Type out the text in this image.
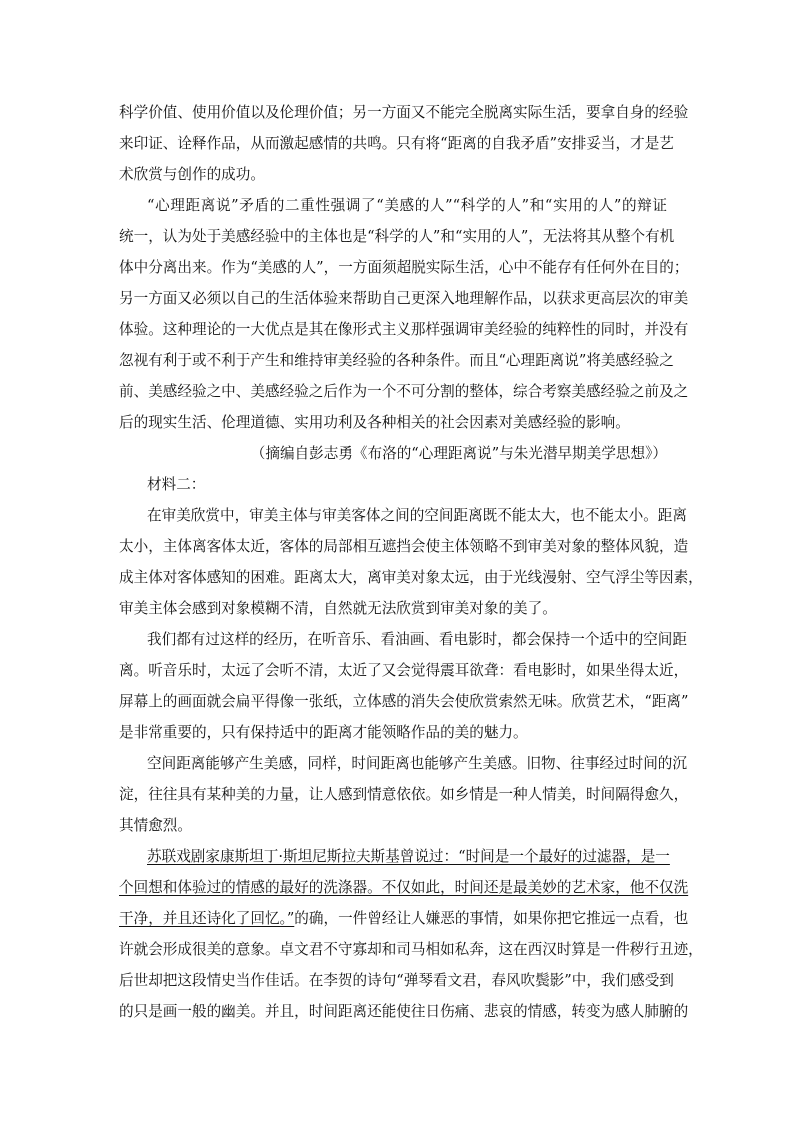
科学价值、使用价值以及伦理价值；另一方面又不能完全脱离实际生活，要拿自身的经验
来印证、诠释作品，从而激起感情的共鸣。只有将“距离的自我矛盾”安排妥当，才是艺
术欣赏与创作的成功。
“心理距离说”矛盾的二重性强调了“美感的人”“科学的人”和“实用的人”的辩证
统一，认为处于美感经验中的主体也是“科学的人”和“实用的人”，无法将其从整个有机
体中分离出来。作为“美感的人”，一方面须超脱实际生活，心中不能存有任何外在目的；
另一方面又必须以自己的生活体验来帮助自己更深入地理解作品，以获求更高层次的审美
体验。这种理论的一大优点是其在像形式主义那样强调审美经验的纯粹性的同时，并没有
忽视有利于或不利于产生和维持审美经验的各种条件。而且“心理距离说”将美感经验之
前、美感经验之中、美感经验之后作为一个不可分割的整体，综合考察美感经验之前及之
后的现实生活、伦理道德、实用功利及各种相关的社会因素对美感经验的影响。
（摘编自彭志勇《布洛的“心理距离说”与朱光潜早期美学思想》）
材料二：
在审美欣赏中，审美主体与审美客体之间的空间距离既不能太大，也不能太小。距离
太小，主体离客体太近，客体的局部相互遮挡会使主体领略不到审美对象的整体风貌，造
成主体对客体感知的困难。距离太大，离审美对象太远，由于光线漫射、空气浮尘等因素，
审美主体会感到对象模糊不清，自然就无法欣赏到审美对象的美了。
我们都有过这样的经历，在听音乐、看油画、看电影时，都会保持一个适中的空间距
离。听音乐时，太远了会听不清，太近了又会觉得震耳欲聋：看电影时，如果坐得太近，
屏幕上的画面就会扁平得像一张纸，立体感的消失会使欣赏索然无味。欣赏艺术，“距离”
是非常重要的，只有保持适中的距离才能领略作品的美的魅力。
空间距离能够产生美感，同样，时间距离也能够产生美感。旧物、往事经过时间的沉
淀，往往具有某种美的力量，让人感到情意依依。如乡情是一种人情美，时间隔得愈久，
其情愈烈。
苏联戏剧家康斯坦丁·斯坦尼斯拉夫斯基曾说过：“时间是一个最好的过滤器，是一
个回想和体验过的情感的最好的洗涤器。不仅如此，时间还是最美妙的艺术家，他不仅洗
干净，并且还诗化了回忆。” 的确，一件曾经让人嫌恶的事情，如果你把它推远一点看，也
许就会形成很美的意象。卓文君不守寡却和司马相如私奔，这在西汉时算是一件秽行丑迹，
后世却把这段情史当作佳话。在李贺的诗句“弹琴看文君，春风吹鬓影”中，我们感受到
的只是画一般的幽美。并且，时间距离还能使往日伤痛、悲哀的情感，转变为感人肺腑的
